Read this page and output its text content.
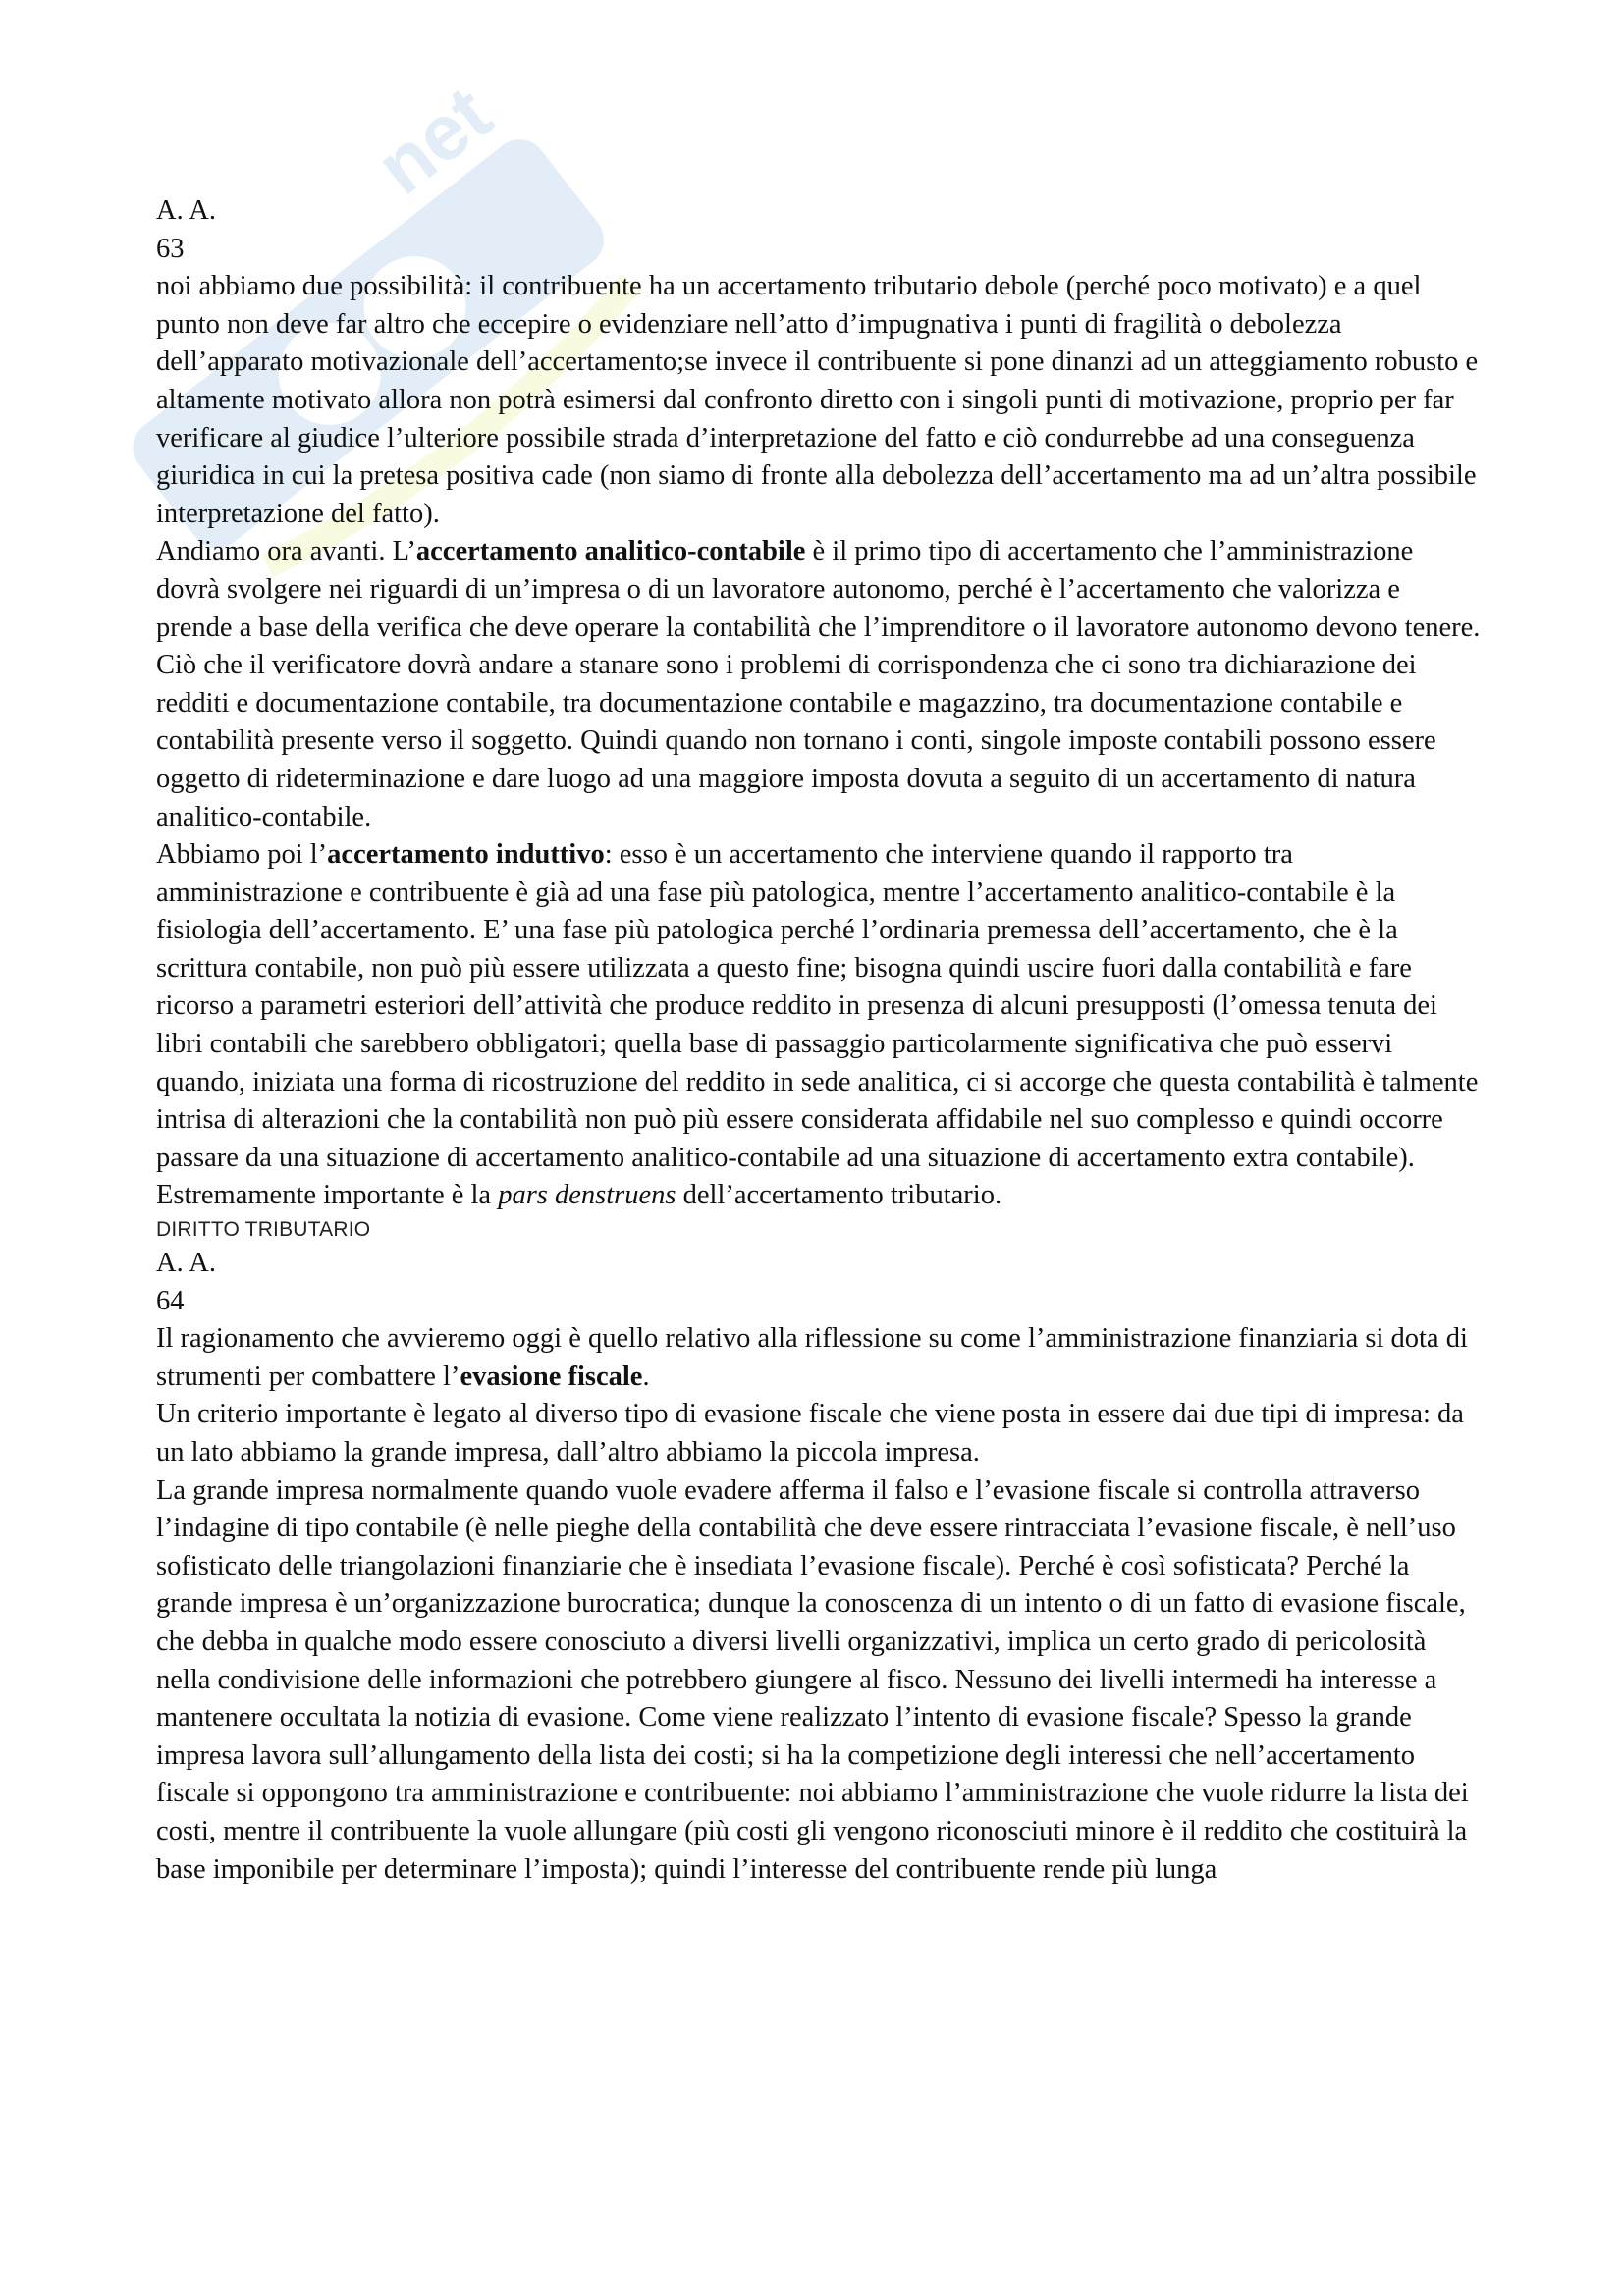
net
A. A.
63

noi abbiamo due possibilità: il contribuente ha un accertamento tributario debole (perché poco motivato) e a quel punto non deve far altro che eccepire o evidenziare nell’atto d’impugnativa i punti di fragilità o debolezza dell’apparato motivazionale dell’accertamento;se invece il contribuente si pone dinanzi ad un atteggiamento robusto e altamente motivato allora non potrà esimersi dal confronto diretto con i singoli punti di motivazione, proprio per far verificare al giudice l’ulteriore possibile strada d’interpretazione del fatto e ciò condurrebbe ad una conseguenza giuridica in cui la pretesa positiva cade (non siamo di fronte alla debolezza dell’accertamento ma ad un’altra possibile interpretazione del fatto).

Andiamo ora avanti. L’accertamento analitico-contabile è il primo tipo di accertamento che l’amministrazione dovrà svolgere nei riguardi di un’impresa o di un lavoratore autonomo, perché è l’accertamento che valorizza e prende a base della verifica che deve operare la contabilità che l’imprenditore o il lavoratore autonomo devono tenere. Ciò che il verificatore dovrà andare a stanare sono i problemi di corrispondenza che ci sono tra dichiarazione dei redditi e documentazione contabile, tra documentazione contabile e magazzino, tra documentazione contabile e contabilità presente verso il soggetto. Quindi quando non tornano i conti, singole imposte contabili possono essere oggetto di rideterminazione e dare luogo ad una maggiore imposta dovuta a seguito di un accertamento di natura analitico-contabile.

Abbiamo poi l’accertamento induttivo: esso è un accertamento che interviene quando il rapporto tra amministrazione e contribuente è già ad una fase più patologica, mentre l’accertamento analitico-contabile è la fisiologia dell’accertamento. E’ una fase più patologica perché l’ordinaria premessa dell’accertamento, che è la scrittura contabile, non può più essere utilizzata a questo fine; bisogna quindi uscire fuori dalla contabilità e fare ricorso a parametri esteriori dell’attività che produce reddito in presenza di alcuni presupposti (l’omessa tenuta dei libri contabili che sarebbero obbligatori; quella base di passaggio particolarmente significativa che può esservi quando, iniziata una forma di ricostruzione del reddito in sede analitica, ci si accorge che questa contabilità è talmente intrisa di alterazioni che la contabilità non può più essere considerata affidabile nel suo complesso e quindi occorre passare da una situazione di accertamento analitico-contabile ad una situazione di accertamento extra contabile).

Estremamente importante è la pars denstruens dell’accertamento tributario.

DIRITTO TRIBUTARIO
A. A.
64

Il ragionamento che avvieremo oggi è quello relativo alla riflessione su come l’amministrazione finanziaria si dota di strumenti per combattere l’evasione fiscale.

Un criterio importante è legato al diverso tipo di evasione fiscale che viene posta in essere dai due tipi di impresa: da un lato abbiamo la grande impresa, dall’altro abbiamo la piccola impresa.

La grande impresa normalmente quando vuole evadere afferma il falso e l’evasione fiscale si controlla attraverso l’indagine di tipo contabile (è nelle pieghe della contabilità che deve essere rintracciata l’evasione fiscale, è nell’uso sofisticato delle triangolazioni finanziarie che è insediata l’evasione fiscale). Perché è così sofisticata? Perché la grande impresa è un’organizzazione burocratica; dunque la conoscenza di un intento o di un fatto di evasione fiscale, che debba in qualche modo essere conosciuto a diversi livelli organizzativi, implica un certo grado di pericolosità nella condivisione delle informazioni che potrebbero giungere al fisco. Nessuno dei livelli intermedi ha interesse a mantenere occultata la notizia di evasione. Come viene realizzato l’intento di evasione fiscale? Spesso la grande impresa lavora sull’allungamento della lista dei costi; si ha la competizione degli interessi che nell’accertamento fiscale si oppongono tra amministrazione e contribuente: noi abbiamo l’amministrazione che vuole ridurre la lista dei costi, mentre il contribuente la vuole allungare (più costi gli vengono riconosciuti minore è il reddito che costituirà la base imponibile per determinare l’imposta); quindi l’interesse del contribuente rende più lunga
